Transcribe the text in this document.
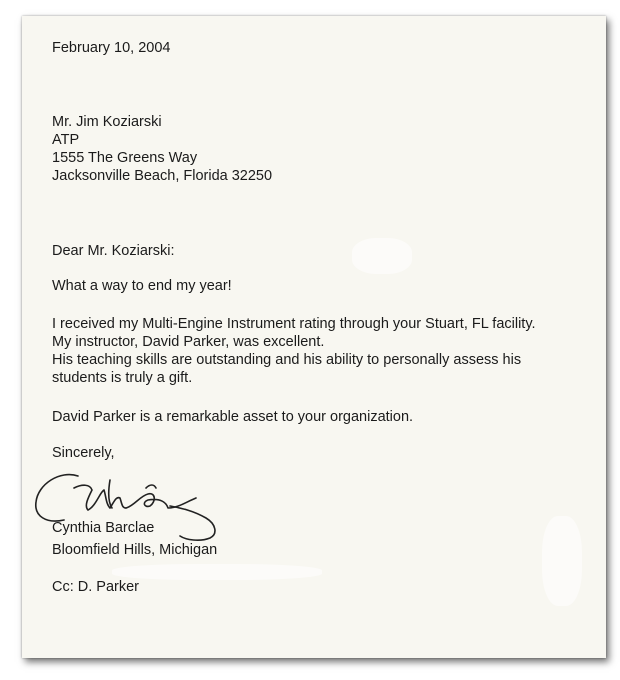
February 10, 2004

Mr. Jim Koziarski
ATP
1555 The Greens Way
Jacksonville Beach, Florida 32250

Dear Mr. Koziarski:

What a way to end my year!

I received my Multi-Engine Instrument rating through your Stuart, FL facility.
My instructor, David Parker, was excellent.
His teaching skills are outstanding and his ability to personally assess his
students is truly a gift.

David Parker is a remarkable asset to your organization.

Sincerely,

Cynthia Barclae
Bloomfield Hills, Michigan

Cc: D. Parker
